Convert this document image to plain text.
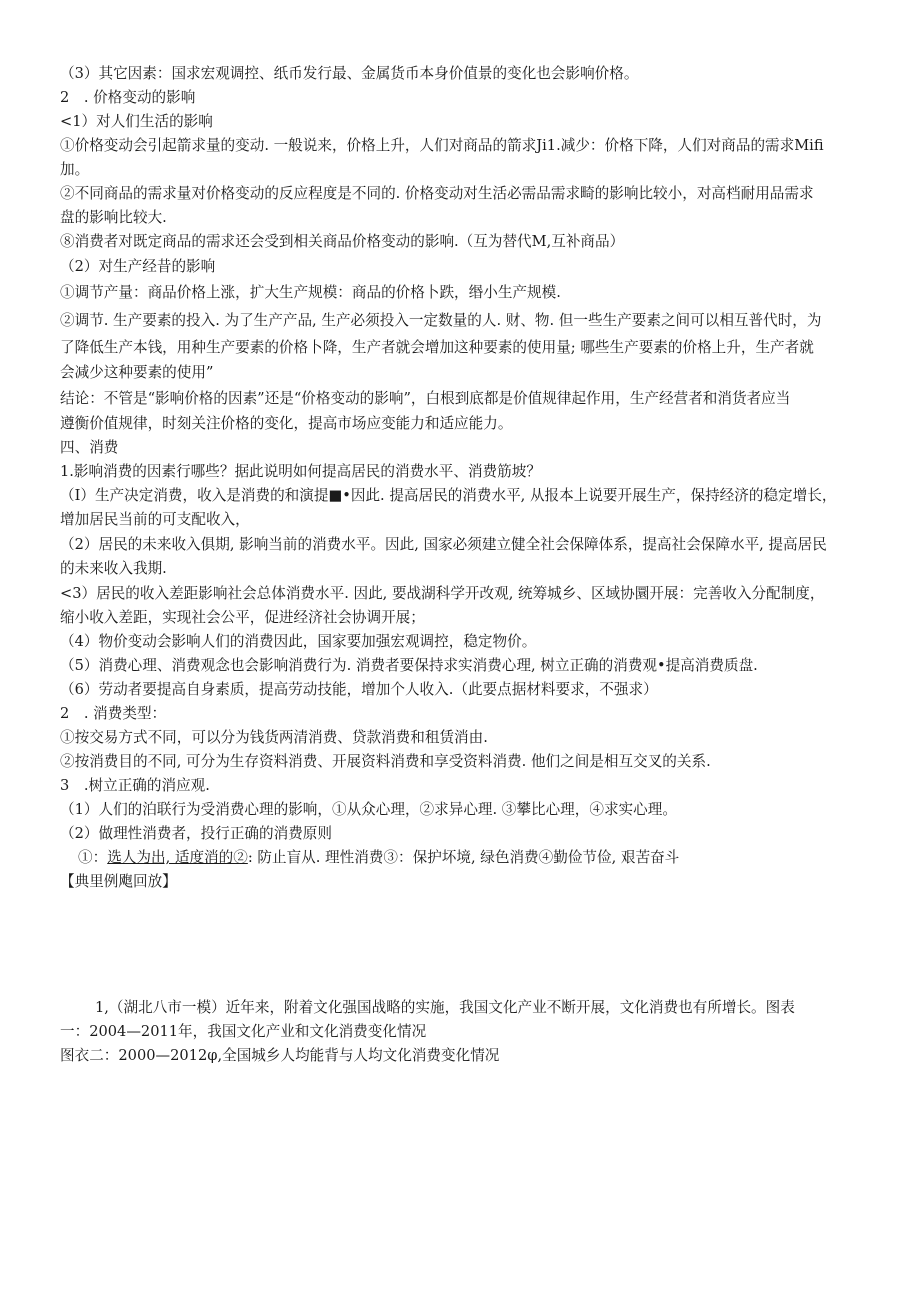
（3）其它因素：国求宏观调控、纸币发行最、金属货币本身价值景的变化也会影响价格。
2　. 价格变动的影响
<1）对人们生活的影响
①价格变动会引起箭求量的变动. 一般说来，价格上升，人们对商品的箭求Ji1.减少：价格下降，人们对商品的需求Mifi
加。
②不同商品的需求量对价格变动的反应程度是不同的. 价格变动对生活必需品需求畸的影响比较小，对高档耐用品需求
盘的影响比较大.
⑧消费者对既定商品的需求还会受到相关商品价格变动的影响.（互为替代M,互补商品）
（2）对生产经昔的影响
①调节产量：商品价格上涨，扩大生产规模：商品的价格卜跌，缗小生产规模.
②调节. 生产要素的投入. 为了生产产品, 生产必须投入一定数量的人. 财、物. 但一些生产要素之间可以相互普代时，为
了降低生产本钱，用种生产要素的价格卜降，生产者就会增加这种要素的使用量; 哪些生产要素的价格上升，生产者就
会减少这种要素的使用”
结论：不管是“影响价格的因素”还是“价格变动的影响”，白根到底都是价值规律起作用，生产经营者和消货者应当
遵衡价值规律，时刻关注价格的变化，提高市场应变能力和适应能力。
四、消费
1.影响消费的因素行哪些？据此说明如何提高居民的消费水平、消费筋坡？
（I）生产决定消费，收入是消费的和演提■•因此. 提高居民的消费水平, 从报本上说要开展生产，保持经济的稳定增长，
增加居民当前的可支配收入，
（2）居民的未来收入俱期, 影响当前的消费水平。因此, 国家必须建立健全社会保障体系，提高社会保障水平, 提高居民
的未来收入我期.
<3）居民的收入差距影响社会总体消费水平. 因此, 要战湖科学开改观, 统筹城乡、区域协圜开展：完善收入分配制度，
缩小收入差距，实现社会公平，促进经济社会协调开展；
（4）物价变动会影响人们的消费因此，国家要加强宏观调控，稳定物价。
（5）消费心理、消费观念也会影响消费行为. 消费者要保持求实消费心理, 树立正确的消费观•提高消费质盘.
（6）劳动者要提高自身素质，提高劳动技能，增加个人收入.（此要点据材料要求，不强求）
2　. 消费类型：
①按交易方式不同，可以分为钱货两清消费、贷款消费和租赁消由.
②按消费目的不同, 可分为生存资料消费、开展资料消费和享受资料消费. 他们之间是相互交叉的关系.
3　.树立正确的消应观.
（1）人们的泊联行为受消费心理的影响，①从众心理，②求异心理. ③攀比心理，④求实心理。
（2）做理性消费者，投行正确的消费原则
①：选人为出, 适度消的②: 防止盲从. 理性消费③：保护坏境, 绿色消费④勤俭节俭, 艰苦奋斗
【典里例飑回放】
1,（湖北八市一模）近年来，附着文化强国战略的实施，我国文化产业不断开展，文化消费也有所增长。图表
一：2004—2011年，我国文化产业和文化消费变化情况
图衣二：2000—2012φ,全国城乡人均能背与人均文化消费变化情况
